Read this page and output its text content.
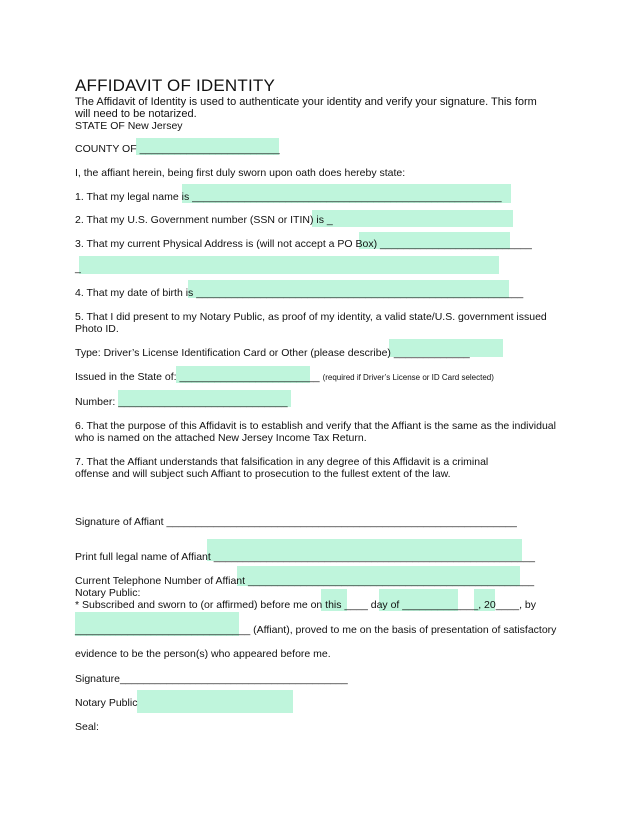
AFFIDAVIT OF IDENTITY
The Affidavit of Identity is used to authenticate your identity and verify your signature. This form
will need to be notarized.
STATE OF New Jersey
COUNTY OF ________________________
I, the affiant herein, being first duly sworn upon oath does hereby state:
1. That my legal name is _____________________________________________________
2. That my U.S. Government number (SSN or ITIN) is _
3. That my current Physical Address is (will not accept a PO Box) __________________________
_
4. That my date of birth is ________________________________________________________
5. That I did present to my Notary Public, as proof of my identity, a valid state/U.S. government issued
Photo ID.
Type: Driver’s License Identification Card or Other (please describe) _____________
Issued in the State of: ________________________ (required if Driver’s License or ID Card selected)
Number: _____________________________
6. That the purpose of this Affidavit is to establish and verify that the Affiant is the same as the individual
who is named on the attached New Jersey Income Tax Return.
7. That the Affiant understands that falsification in any degree of this Affidavit is a criminal
offense and will subject such Affiant to prosecution to the fullest extent of the law.
Signature of Affiant ____________________________________________________________
Print full legal name of Affiant _______________________________________________________
Current Telephone Number of Affiant _________________________________________________
Notary Public:
* Subscribed and sworn to (or affirmed) before me on this ____ day of _____________, 20____, by
______________________________ (Affiant), proved to me on the basis of presentation of satisfactory
evidence to be the person(s) who appeared before me.
Signature_______________________________________
Notary Public
Seal:
